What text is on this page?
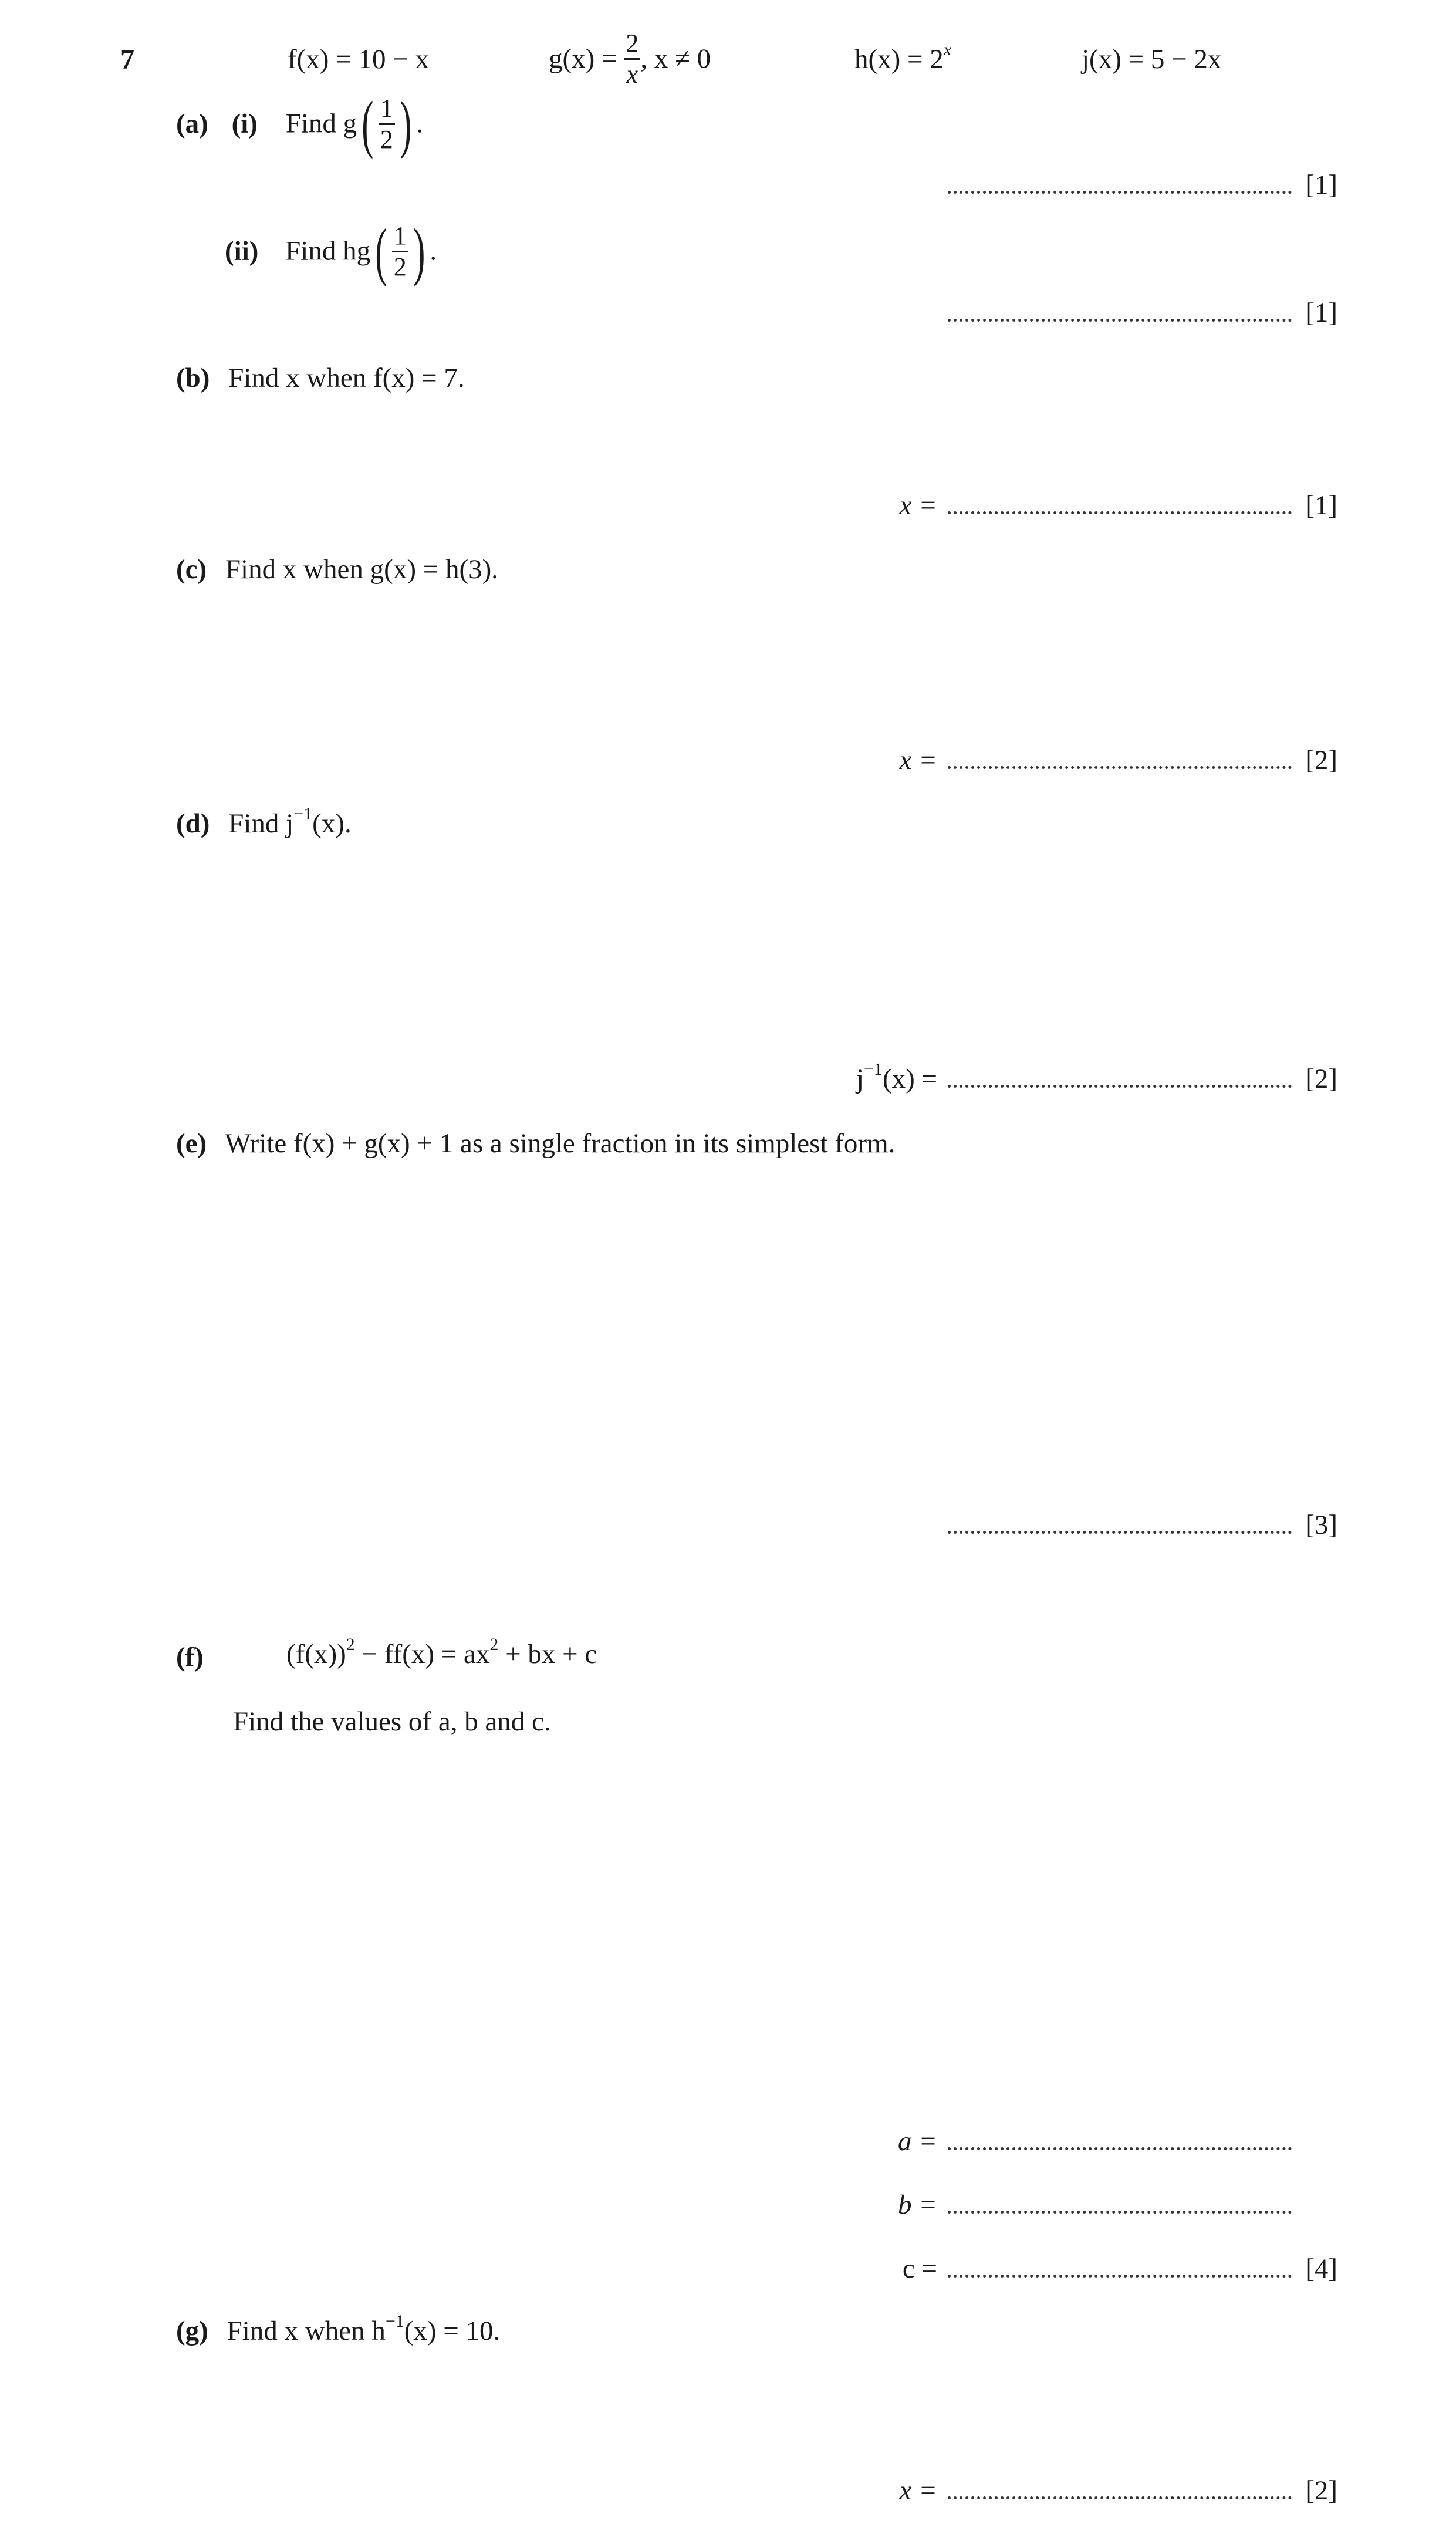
7	f(x) = 10 − x	$g(x) = \frac{2}{x}$ , x ≠ 0	$h(x) = 2^x$	j(x) = 5 − 2x
(a) (i) Find $g( \frac{1}{2}$ ) .
[1]
(ii) Find $hg( \frac{1}{2}$ ) .
[1]
(b) Find x when f(x) = 7.
x =	[1]
(c) Find x when g(x) = h(3).
x =	[2]
(d) Find $j^{-1}(x)$.
$j^{-1}(x)$ =	[2]
(e) Write f(x) + g(x) + 1 as a single fraction in its simplest form.
[3]
(f)	$(f(x))^2 - ff(x) = ax^2$ + bx + c
Find the values of a, b and c.
a =
b =
c =	[4]
(g) Find x when $h^{-1}(x) = 10$.
x =	[2]
